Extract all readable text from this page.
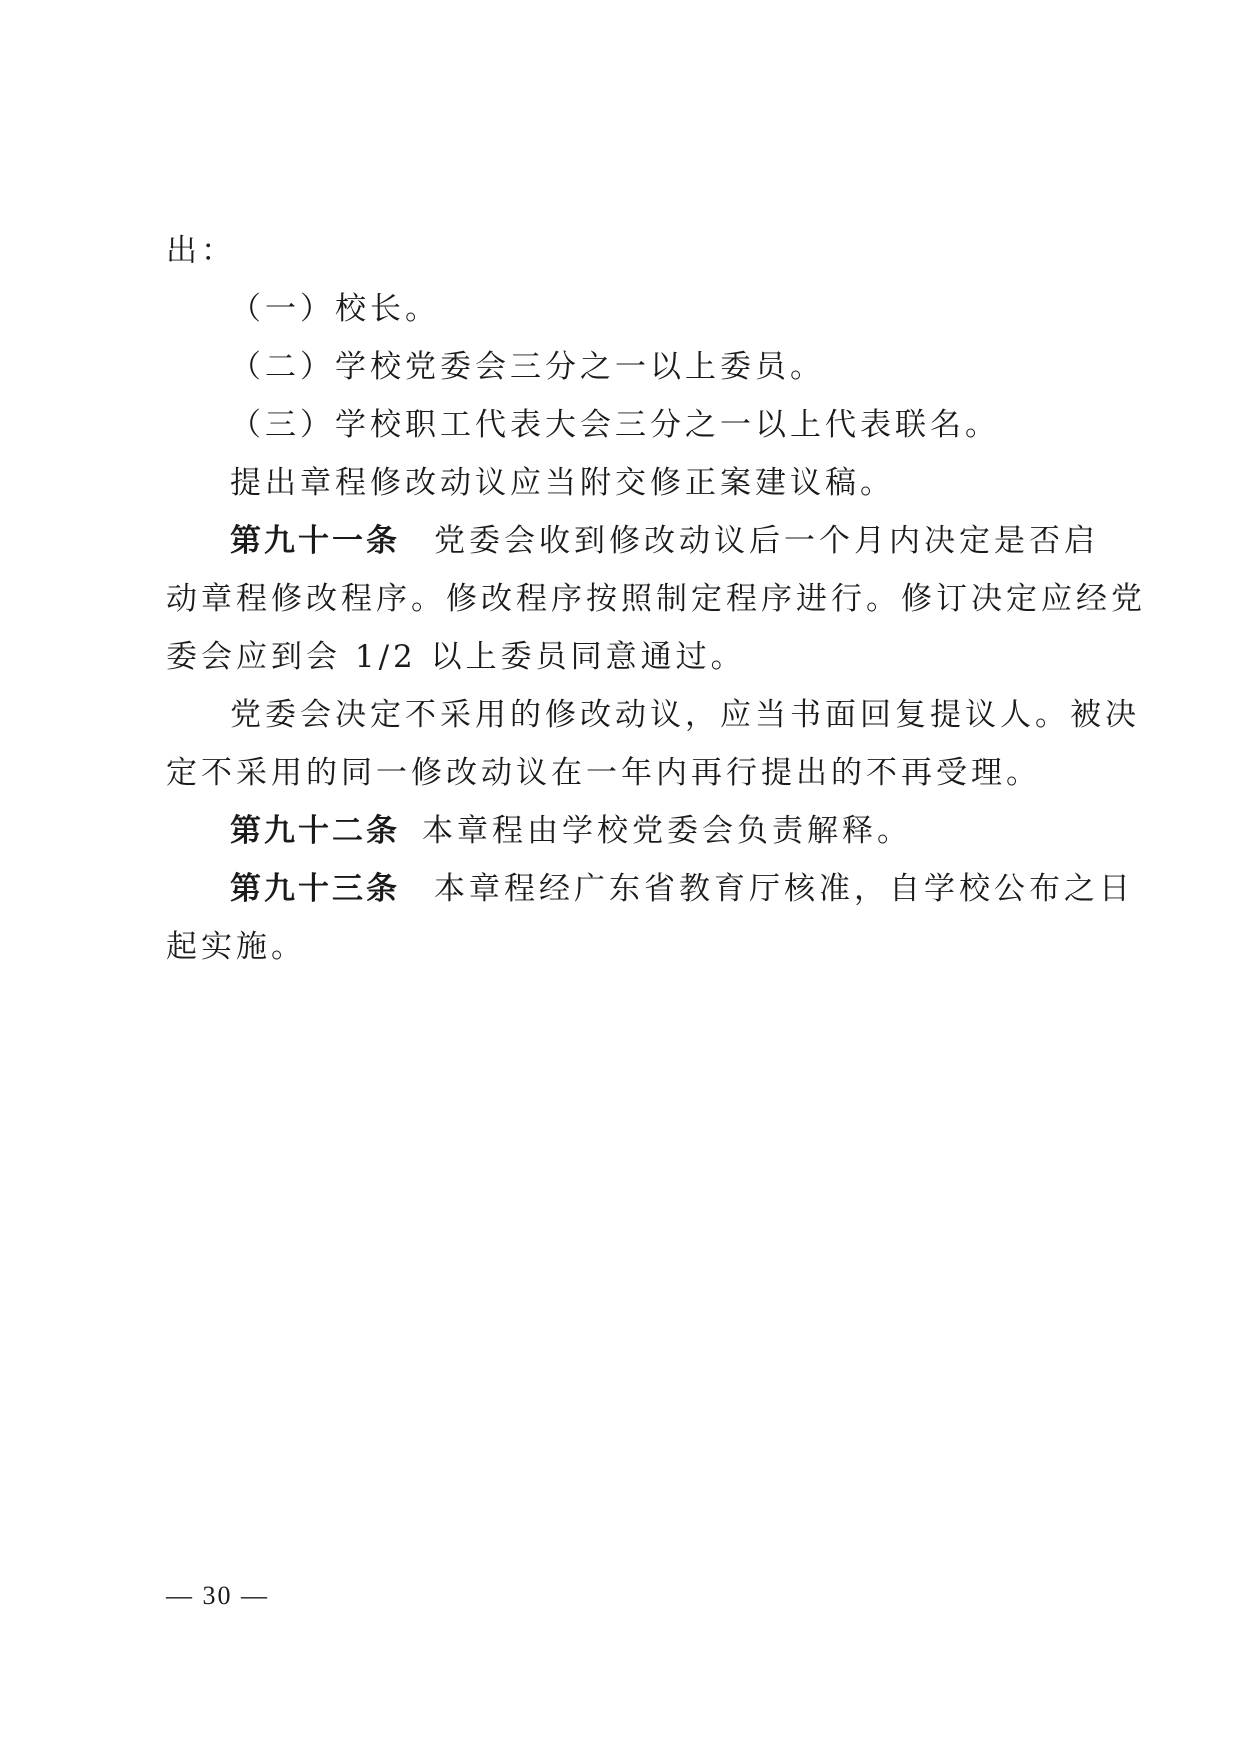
出：
（一）校长。
（二）学校党委会三分之一以上委员。
（三）学校职工代表大会三分之一以上代表联名。
提出章程修改动议应当附交修正案建议稿。
第九十一条 党委会收到修改动议后一个月内决定是否启
动章程修改程序。修改程序按照制定程序进行。修订决定应经党
委会应到会 1/2 以上委员同意通过。
党委会决定不采用的修改动议，应当书面回复提议人。被决
定不采用的同一修改动议在一年内再行提出的不再受理。
第九十二条 本章程由学校党委会负责解释。
第九十三条 本章程经广东省教育厅核准，自学校公布之日
起实施。
— 30 —
